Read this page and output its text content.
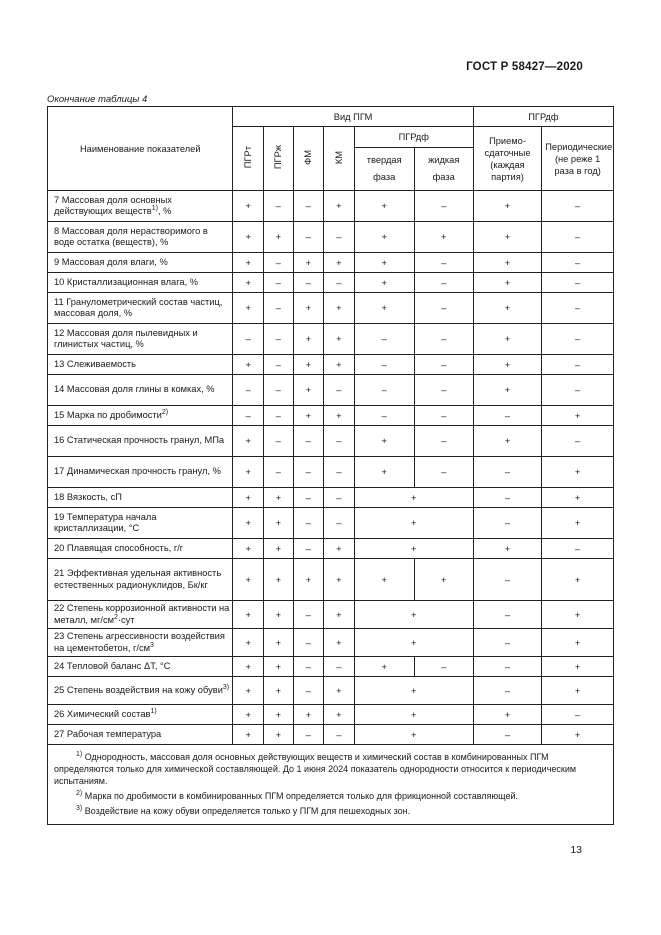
ГОСТ Р 58427—2020
Окончание таблицы 4
Наименование показателей	Вид ПГМ						ПГРдф	
	ПГРт	ПГРж	ФМ	КМ	ПГРдф		Приемо-сдаточные (каждая партия)	Периодические (не реже 1 раза в год)
					твердая фаза	жидкая фаза		
7 Массовая доля основных действующих веществ$^{1)}$, %	+	–	–	+	+	–	+	–
8 Массовая доля нерастворимого в воде остатка (веществ), %	+	+	–	–	+	+	+	–
9 Массовая доля влаги, %	+	–	+	+	+	–	+	–
10 Кристаллизационная влага, %	+	–	–	–	+	–	+	–
11 Гранулометрический состав частиц, массовая доля, %	+	–	+	+	+	–	+	–
12 Массовая доля пылевидных и глинистых частиц, %	–	–	+	+	–	–	+	–
13 Слеживаемость	+	–	+	+	–	–	+	–
14 Массовая доля глины в комках, %	–	–	+	–	–	–	+	–
15 Марка по дробимости$^{2)}$	–	–	+	+	–	–	–	+
16 Статическая прочность гранул, МПа	+	–	–	–	+	–	+	–
17 Динамическая прочность гранул, %	+	–	–	–	+	–	–	+
18 Вязкость, сП	+	+	–	–	+		–	+
19 Температура начала кристаллизации, °С	+	+	–	–	+		–	+
20 Плавящая способность, г/г	+	+	–	+	+		+	–
21 Эффективная удельная активность естественных радионуклидов, Бк/кг	+	+	+	+	+	+	–	+
22 Степень коррозионной активности на металл, $мг/см^2\cdot сут$	+	+	–	+	+		–	+
23 Степень агрессивности воздействия на цементобетон, $г/см^3$	+	+	–	+	+		–	+
24 Тепловой баланс ΔТ, °С	+	+	–	–	+	–	–	+
25 Степень воздействия на кожу обуви$^{3)}$	+	+	–	+	+		–	+
26 Химический состав$^{1)}$	+	+	+	+	+		+	–
27 Рабочая температура	+	+	–	–	+		–	+

$^{1)}$ Однородность, массовая доля основных действующих веществ и химический состав в комбинированных ПГМ определяются только для химической составляющей. До 1 июня 2024 показатель однородности относится к периодическим испытаниям.

$^{2)}$ Марка по дробимости в комбинированных ПГМ определяется только для фрикционной составляющей.

$^{3)}$ Воздействие на кожу обуви определяется только у ПГМ для пешеходных зон.								

13
